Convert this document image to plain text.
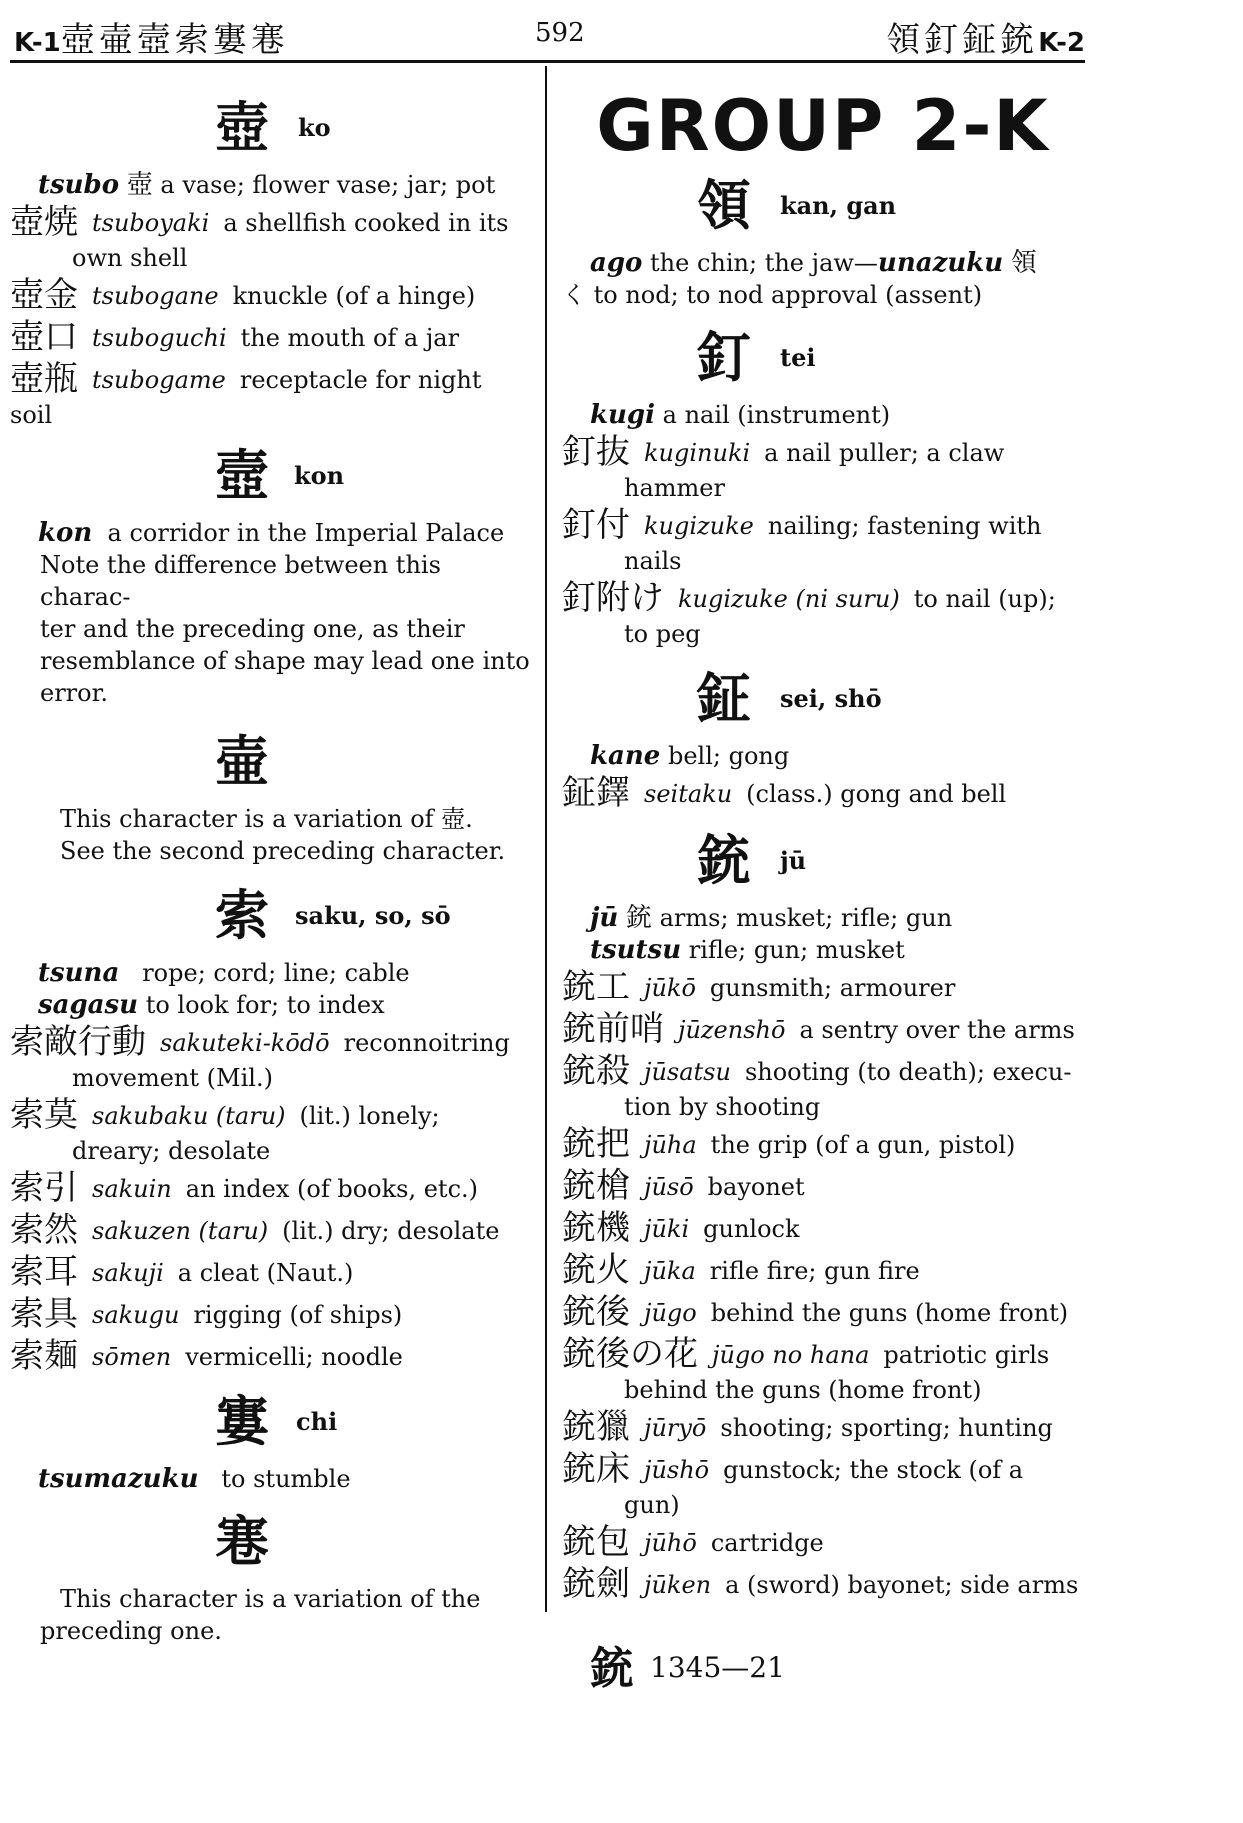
K-1壺壷壼索寠寋	592	領釘鉦銃K-2
壺 ko

tsubo 壺 a vase; flower vase; jar; pot

壺焼 tsuboyaki a shellfish cooked in its
own shell

壺金 tsubogane knuckle (of a hinge)

壺口 tsuboguchi the mouth of a jar

壺瓶 tsubogame receptacle for night soil

壼 kon

kon a corridor in the Imperial Palace

Note the difference between this charac-

ter and the preceding one, as their

resemblance of shape may lead one into

error.

壷

This character is a variation of 壺.

See the second preceding character.

索 saku, so, sō

tsuna rope; cord; line; cable

sagasu to look for; to index

索敵行動 sakuteki-kōdō reconnoitring
movement (Mil.)

索莫 sakubaku (taru) (lit.) lonely;
dreary; desolate

索引 sakuin an index (of books, etc.)

索然 sakuzen (taru) (lit.) dry; desolate

索耳 sakuji a cleat (Naut.)

索具 sakugu rigging (of ships)

索麺 sōmen vermicelli; noodle

寠 chi

tsumazuku to stumble

寋

This character is a variation of the

preceding one.

GROUP 2-K
領 kan, gan

ago the chin; the jaw—unazuku 領

く to nod; to nod approval (assent)

釘 tei

kugi a nail (instrument)

釘抜 kuginuki a nail puller; a claw
hammer

釘付 kugizuke nailing; fastening with
nails

釘附け kugizuke (ni suru) to nail (up);
to peg

鉦 sei, shō

kane bell; gong

鉦鐸 seitaku (class.) gong and bell

銃 jū

jū 銃 arms; musket; rifle; gun

tsutsu rifle; gun; musket

銃工 jūkō gunsmith; armourer

銃前哨 jūzenshō a sentry over the arms

銃殺 jūsatsu shooting (to death); execu-
tion by shooting

銃把 jūha the grip (of a gun, pistol)

銃槍 jūsō bayonet

銃機 jūki gunlock

銃火 jūka rifle fire; gun fire

銃後 jūgo behind the guns (home front)

銃後の花 jūgo no hana patriotic girls
behind the guns (home front)

銃獵 jūryō shooting; sporting; hunting

銃床 jūshō gunstock; the stock (of a
gun)

銃包 jūhō cartridge

銃劍 jūken a (sword) bayonet; side arms

銃 1345—21
